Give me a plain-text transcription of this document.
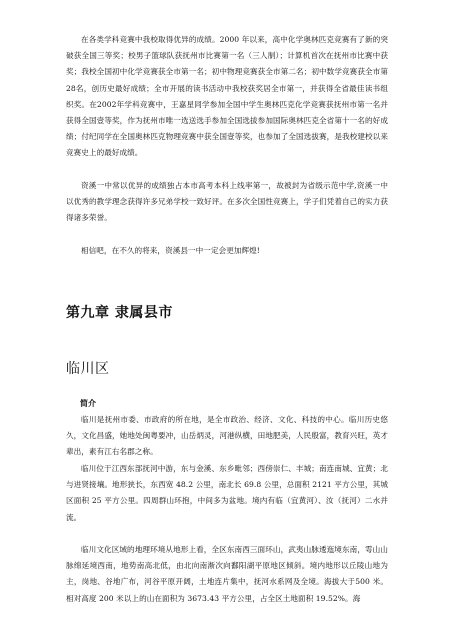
在各类学科竞赛中我校取得优异的成绩。2000 年以来，高中化学奥林匹克竞赛有了新的突破获全国三等奖；校男子篮球队获抚州市比赛第一名（三人制）；计算机首次在抚州市比赛中获奖；我校全国初中化学竞赛获全市第一名；初中物理竞赛获全市第二名；初中数学竞赛获全市第28名，创历史最好成绩；全市开展的读书活动中我校获奖居全市第一，并获得全省最佳读书组织奖。在2002年学科竞赛中，王嘉星同学参加全国中学生奥林匹克化学竞赛获抚州市第一名并获得全国壹等奖，作为抚州市唯一选送选手参加全国选拔参加国际奥林匹克全省第十一名的好成绩；付纪同学在全国奥林匹克物理竞赛中获全国壹等奖，也参加了全国选拔赛，是我校建校以来竞赛史上的最好成绩。

资溪一中常以优异的成绩独占本市高考本科上线率第一，故被封为省级示范中学,资溪一中以优秀的教学理念获得许多兄弟学校一致好评。在多次全国性竞赛上，学子们凭着自己的实力获得诸多荣誉。

相信吧，在不久的将来，资溪县一中一定会更加辉煌!

第九章 隶属县市
临川区
简介

临川是抚州市委、市政府的所在地，是全市政治、经济、文化、科技的中心。临川历史悠久，文化昌盛，她地处闽粤要冲，山岳炳灵，河港纵横，田地肥美，人民殷富，教育兴旺，英才辈出，素有江右名郡之称。

临川位于江西东部抚河中游，东与金溪、东乡毗邻；西傍崇仁、丰城；南连南城、宜黄；北与进贤接壤。地形狭长，东西宽 48.2 公里，南北长 69.8 公里，总面积 2121 平方公里，其城区面积 25 平方公里。四周群山环抱，中间多为盆地。境内有临（宜黄河）、汝（抚河）二水并流。

临川文化区域的地理环境从地形上看，全区东南西三面环山，武夷山脉逶迤境东南，雩山山脉绵延境西南，地势南高北低，由北向南渐次向鄱阳湖平原地区倾斜。境内地形以丘陵山地为主，岗地、谷地广布，河谷平原开阔，土地连片集中，抚河水系网及全境。海拔大于500 米。相对高度 200 米以上的山在面积为 3673.43 平方公里，占全区土地面积 19.52%。海
